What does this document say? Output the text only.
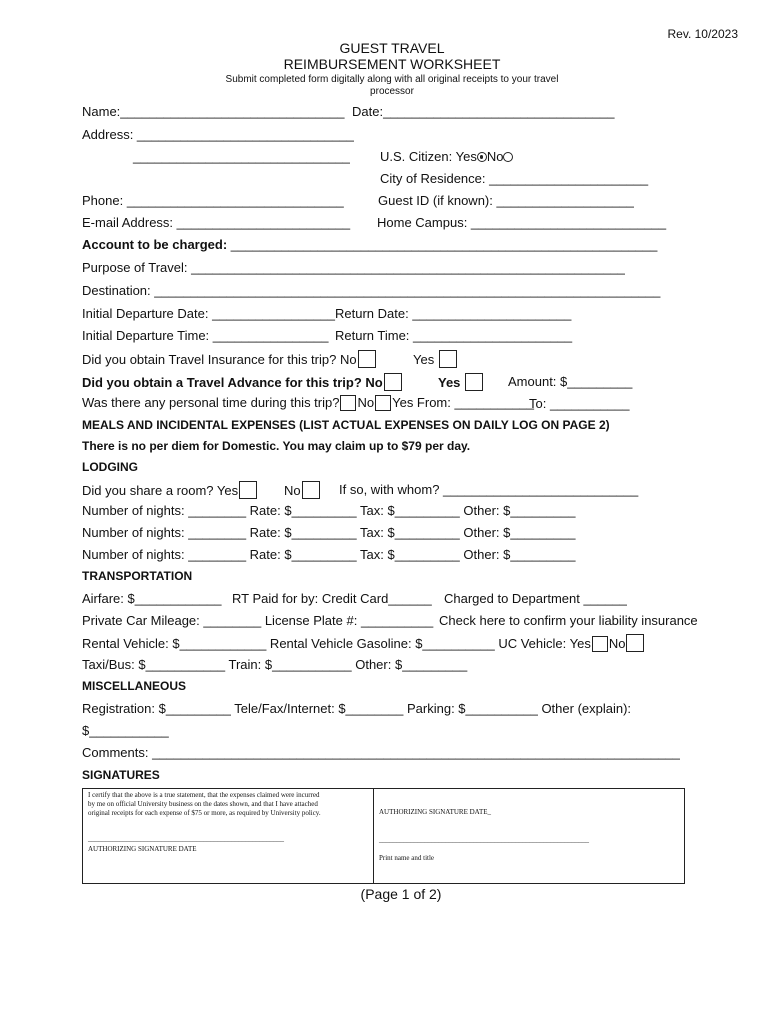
Rev. 10/2023
GUEST TRAVEL
REIMBURSEMENT WORKSHEET
Submit completed form digitally along with all original receipts to your travel
processor
Name:_______________________________ Date:________________________________
Address: ______________________________
______________________________ U.S. Citizen: Yes No
City of Residence: ______________________
Phone: ______________________________	Guest ID (if known): ___________________
E-mail Address: ________________________ Home Campus: ___________________________
Account to be charged: ___________________________________________________________
Purpose of Travel: ____________________________________________________________
Destination: ______________________________________________________________________
Initial Departure Date: _________________ Return Date: ______________________
Initial Departure Time: ________________ Return Time: ______________________
Did you obtain Travel Insurance for this trip? No	Yes
Did you obtain a Travel Advance for this trip? No	Yes	Amount: $_________
Was there any personal time during this trip? No Yes From: ___________
To: ___________
MEALS AND INCIDENTAL EXPENSES (LIST ACTUAL EXPENSES ON DAILY LOG ON PAGE 2)
There is no per diem for Domestic. You may claim up to $79 per day.
LODGING
Did you share a room? Yes	No	If so, with whom? ___________________________
Number of nights: ________ Rate: $_________ Tax: $_________ Other: $_________
Number of nights: ________ Rate: $_________ Tax: $_________ Other: $_________
Number of nights: ________ Rate: $_________ Tax: $_________ Other: $_________
TRANSPORTATION
Airfare: $____________ RT Paid for by: Credit Card______ Charged to Department ______
Private Car Mileage: ________ License Plate #: __________ Check here to confirm your liability insurance
Rental Vehicle: $____________ Rental Vehicle Gasoline: $__________ UC Vehicle: Yes No
Taxi/Bus: $___________ Train: $___________ Other: $_________
MISCELLANEOUS
Registration: $_________ Tele/Fax/Internet: $________ Parking: $__________ Other (explain):
$___________
Comments: _________________________________________________________________________
SIGNATURES
I certify that the above is a true statement, that the expenses claimed were incurred
by me on official University business on the dates shown, and that I have attached
original receipts for each expense of $75 or more, as required by University policy.
________________________________________________________
AUTHORIZING SIGNATURE DATE
AUTHORIZING SIGNATURE DATE_
____________________________________________________________
Print name and title
(Page 1 of 2)
